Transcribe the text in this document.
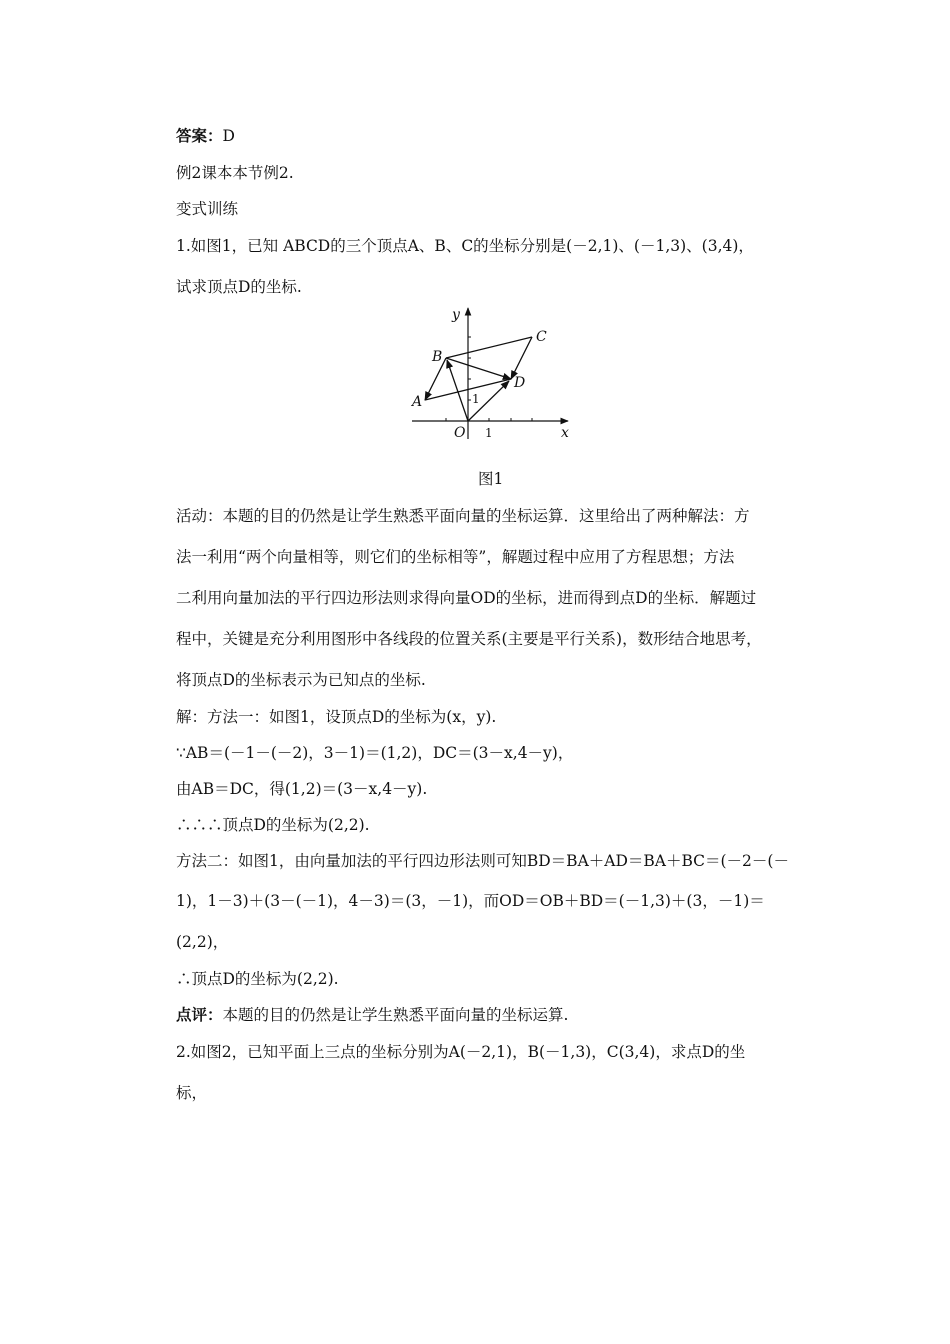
答案：D
例2课本本节例2.
变式训练
1.如图1，已知 ABCD的三个顶点A、B、C的坐标分别是(－2,1)、(－1,3)、(3,4)，
试求顶点D的坐标.
y
x
O
A
B
C
D
1
1
图1
活动：本题的目的仍然是让学生熟悉平面向量的坐标运算．这里给出了两种解法：方
法一利用“两个向量相等，则它们的坐标相等”，解题过程中应用了方程思想；方法
二利用向量加法的平行四边形法则求得向量OD的坐标，进而得到点D的坐标．解题过
程中，关键是充分利用图形中各线段的位置关系(主要是平行关系)，数形结合地思考，
将顶点D的坐标表示为已知点的坐标.
解：方法一：如图1，设顶点D的坐标为(x，y).
∵AB＝(－1－(－2)，3－1)＝(1,2)，DC＝(3－x,4－y)，
由AB＝DC，得(1,2)＝(3－x,4－y).
∴∴∴顶点D的坐标为(2,2).
方法二：如图1，由向量加法的平行四边形法则可知BD＝BA＋AD＝BA＋BC＝(－2－(－
1)，1－3)＋(3－(－1)，4－3)＝(3，－1)，而OD＝OB＋BD＝(－1,3)＋(3，－1)＝
(2,2)，
∴顶点D的坐标为(2,2).
点评：本题的目的仍然是让学生熟悉平面向量的坐标运算.
2.如图2，已知平面上三点的坐标分别为A(－2,1)，B(－1,3)，C(3,4)，求点D的坐
标，
